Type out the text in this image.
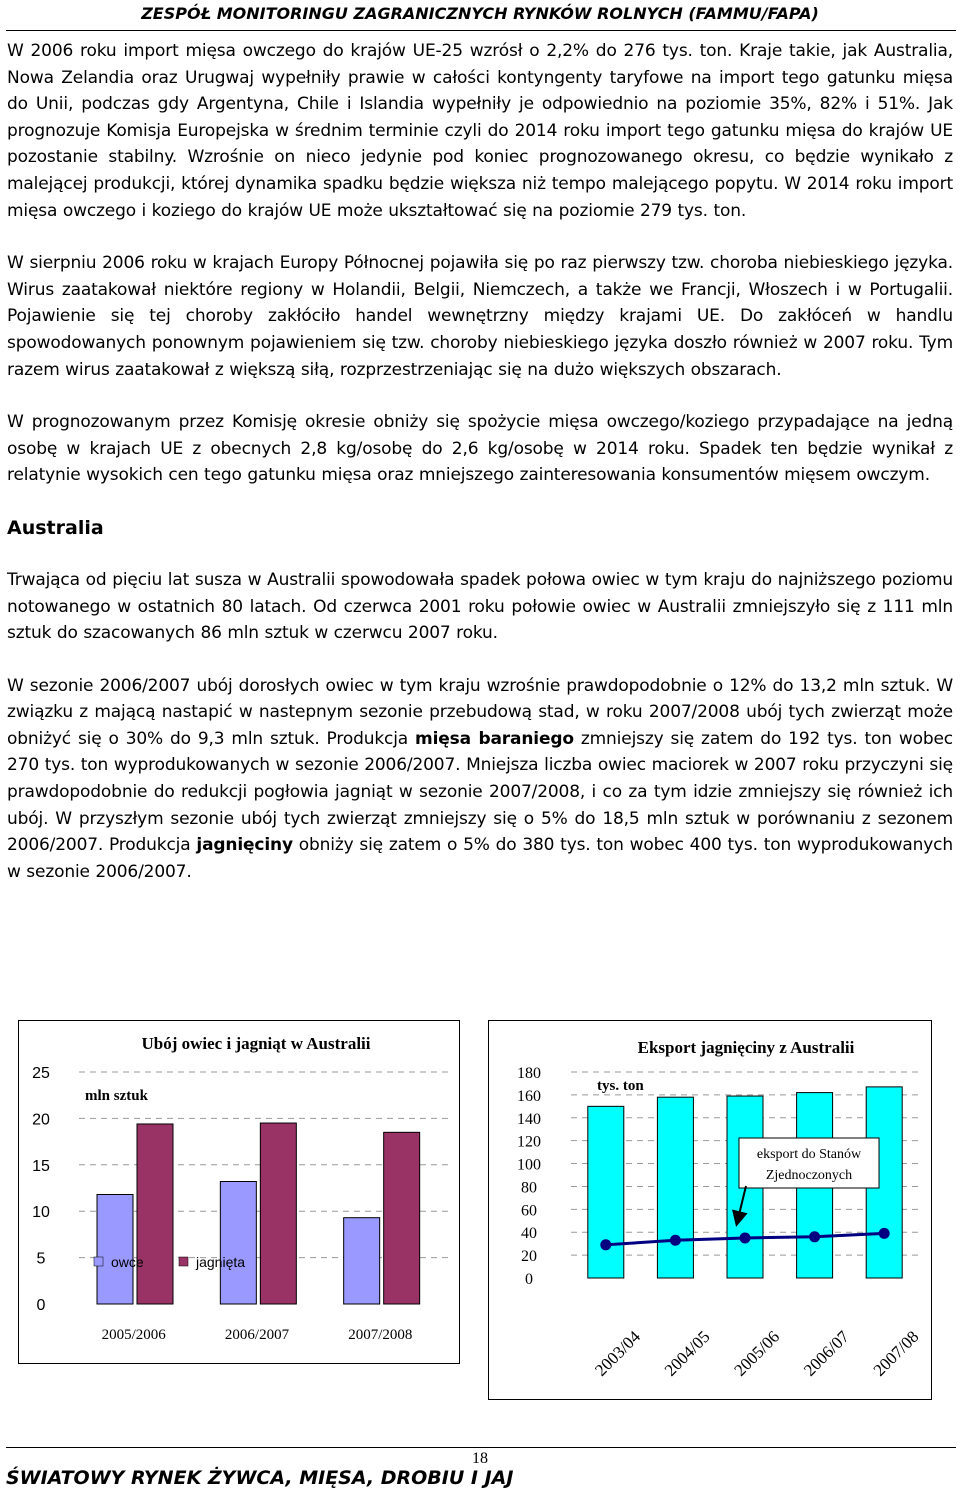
ZESPÓŁ MONITORINGU ZAGRANICZNYCH RYNKÓW ROLNYCH (FAMMU/FAPA)

W 2006 roku import mięsa owczego do krajów UE-25 wzrósł o 2,2% do 276 tys. ton. Kraje takie, jak Australia, Nowa Zelandia oraz Urugwaj wypełniły prawie w całości kontyngenty taryfowe na import tego gatunku mięsa do Unii, podczas gdy Argentyna, Chile i Islandia wypełniły je odpowiednio na poziomie 35%, 82% i 51%. Jak prognozuje Komisja Europejska w średnim terminie czyli do 2014 roku import tego gatunku mięsa do krajów UE pozostanie stabilny. Wzrośnie on nieco jedynie pod koniec prognozowanego okresu, co będzie wynikało z malejącej produkcji, której dynamika spadku będzie większa niż tempo malejącego popytu. W 2014 roku import mięsa owczego i koziego do krajów UE może ukształtować się na poziomie 279 tys. ton.

W sierpniu 2006 roku w krajach Europy Północnej pojawiła się po raz pierwszy tzw. choroba niebieskiego języka. Wirus zaatakował niektóre regiony w Holandii, Belgii, Niemczech, a także we Francji, Włoszech i w Portugalii. Pojawienie się tej choroby zakłóciło handel wewnętrzny między krajami UE. Do zakłóceń w handlu spowodowanych ponownym pojawieniem się tzw. choroby niebieskiego języka doszło również w 2007 roku. Tym razem wirus zaatakował z większą siłą, rozprzestrzeniając się na dużo większych obszarach.

W prognozowanym przez Komisję okresie obniży się spożycie mięsa owczego/koziego przypadające na jedną osobę w krajach UE z obecnych 2,8 kg/osobę do 2,6 kg/osobę w 2014 roku. Spadek ten będzie wynikał z relatynie wysokich cen tego gatunku mięsa oraz mniejszego zainteresowania konsumentów mięsem owczym.

Australia

Trwająca od pięciu lat susza w Australii spowodowała spadek połowa owiec w tym kraju do najniższego poziomu notowanego w ostatnich 80 latach. Od czerwca 2001 roku połowie owiec w Australii zmniejszyło się z 111 mln sztuk do szacowanych 86 mln sztuk w czerwcu 2007 roku.

W sezonie 2006/2007 ubój dorosłych owiec w tym kraju wzrośnie prawdopodobnie o 12% do 13,2 mln sztuk. W związku z mającą nastapić w nastepnym sezonie przebudową stad, w roku 2007/2008 ubój tych zwierząt może obniżyć się o 30% do 9,3 mln sztuk. Produkcja mięsa baraniego zmniejszy się zatem do 192 tys. ton wobec 270 tys. ton wyprodukowanych w sezonie 2006/2007. Mniejsza liczba owiec maciorek w 2007 roku przyczyni się prawdopodobnie do redukcji pogłowia jagniąt w sezonie 2007/2008, i co za tym idzie zmniejszy się również ich ubój. W przyszłym sezonie ubój tych zwierząt zmniejszy się o 5% do 18,5 mln sztuk w porównaniu z sezonem 2006/2007. Produkcja jagnięciny obniży się zatem o 5% do 380 tys. ton wobec 400 tys. ton wyprodukowanych w sezonie 2006/2007.

25
20
15
10
5
0
Ubój owiec i jagniąt w Australii
mln sztuk
2005/2006	2006/2007	2007/2008
owce	jagnięta
180
160
140
120
100
80
60
40
20
0
Eksport jagnięciny z Australii
tys. ton
2003/04 2004/05 2005/06 2006/07 2007/08
eksport do Stanów
Zjednoczonych
18
ŚWIATOWY RYNEK ŻYWCA, MIĘSA, DROBIU I JAJ
